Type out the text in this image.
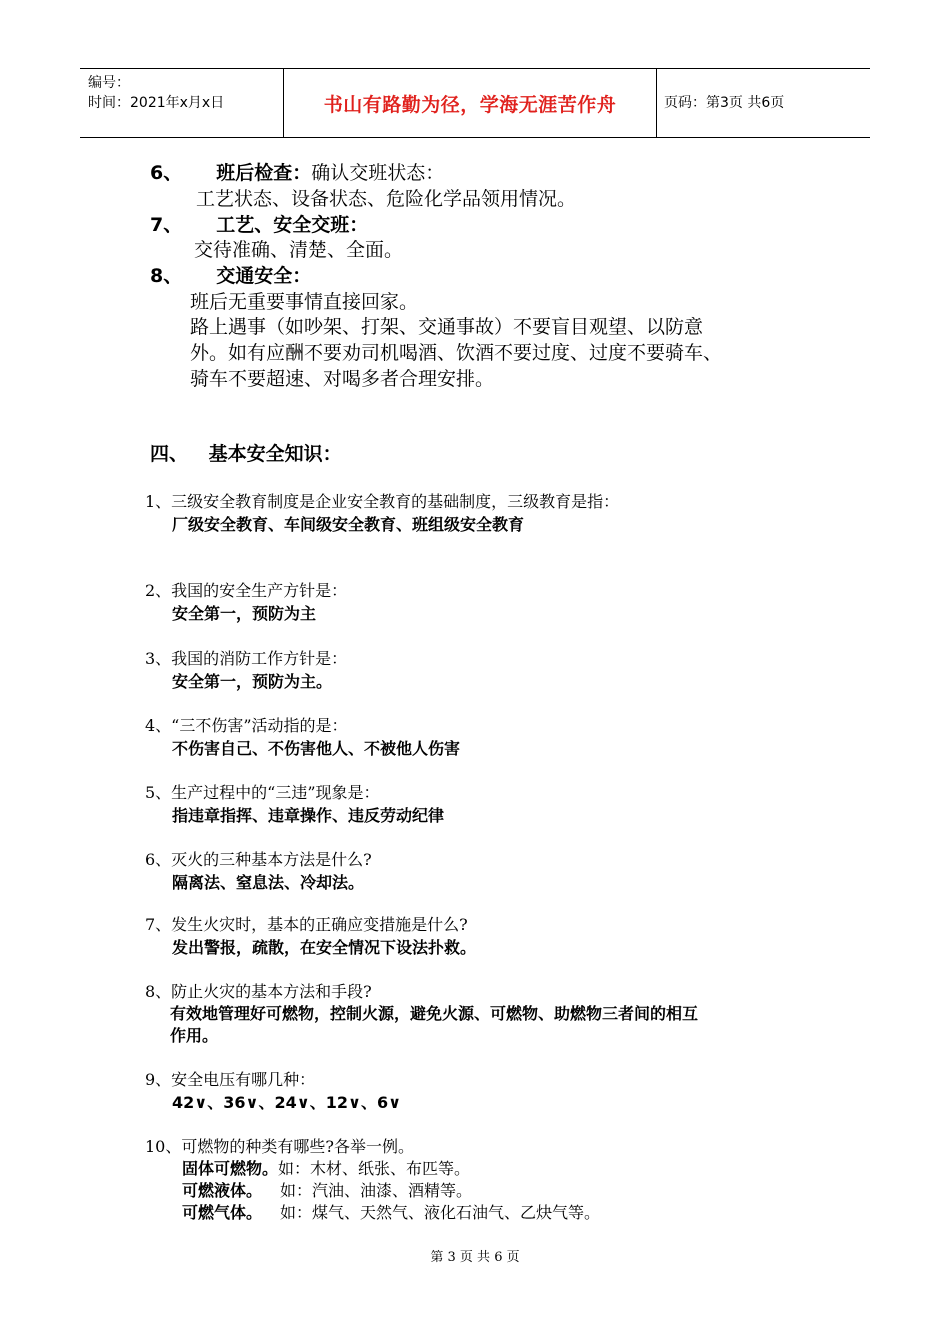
编号：
时间：2021年x月x日	书山有路勤为径，学海无涯苦作舟	页码：第3页 共6页
6、 班后检查：确认交班状态：
工艺状态、设备状态、危险化学品领用情况。
7、 工艺、安全交班：
交待准确、清楚、全面。
8、 交通安全：
班后无重要事情直接回家。
路上遇事（如吵架、打架、交通事故）不要盲目观望、以防意
外。如有应酬不要劝司机喝酒、饮酒不要过度、过度不要骑车、
骑车不要超速、对喝多者合理安排。
四、 基本安全知识：
1、三级安全教育制度是企业安全教育的基础制度，三级教育是指：
厂级安全教育、车间级安全教育、班组级安全教育
2、我国的安全生产方针是：
安全第一，预防为主
3、我国的消防工作方针是：
安全第一，预防为主。
4、“三不伤害”活动指的是：
不伤害自己、不伤害他人、不被他人伤害
5、生产过程中的“三违”现象是：
指违章指挥、违章操作、违反劳动纪律
6、灭火的三种基本方法是什么?
隔离法、窒息法、冷却法。
7、发生火灾时，基本的正确应变措施是什么?
发出警报，疏散，在安全情况下设法扑救。
8、防止火灾的基本方法和手段?
有效地管理好可燃物，控制火源，避免火源、可燃物、助燃物三者间的相互
作用。
9、安全电压有哪几种：
42∨、36∨、24∨、12∨、6∨
10、可燃物的种类有哪些?各举一例。
固体可燃物。如：木材、纸张、布匹等。
可燃液体。 如：汽油、油漆、酒精等。
可燃气体。 如：煤气、天然气、液化石油气、乙炔气等。
第 3 页 共 6 页
